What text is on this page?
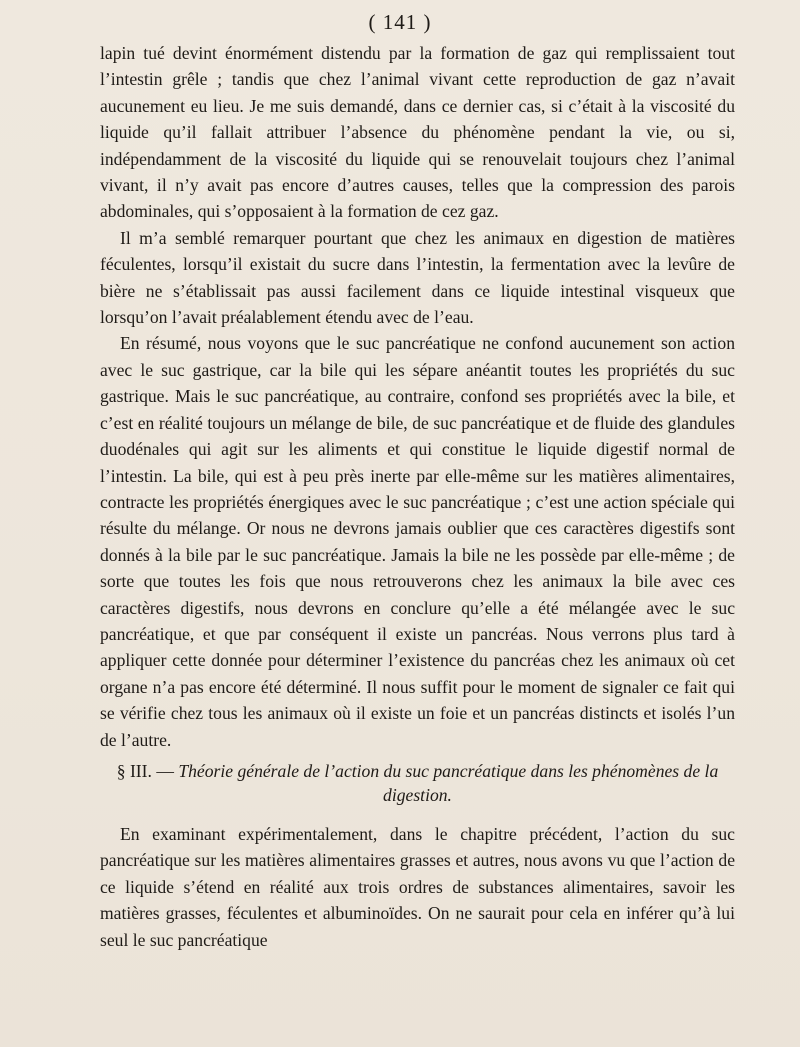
( 141 )

lapin tué devint énormément distendu par la formation de gaz qui remplissaient tout l’intestin grêle ; tandis que chez l’animal vivant cette reproduction de gaz n’avait aucunement eu lieu. Je me suis demandé, dans ce dernier cas, si c’était à la viscosité du liquide qu’il fallait attribuer l’absence du phénomène pendant la vie, ou si, indépendamment de la viscosité du liquide qui se renouvelait toujours chez l’animal vivant, il n’y avait pas encore d’autres causes, telles que la compression des parois abdominales, qui s’opposaient à la formation de cez gaz.

Il m’a semblé remarquer pourtant que chez les animaux en digestion de matières féculentes, lorsqu’il existait du sucre dans l’intestin, la fermentation avec la levûre de bière ne s’établissait pas aussi facilement dans ce liquide intestinal visqueux que lorsqu’on l’avait préalablement étendu avec de l’eau.

En résumé, nous voyons que le suc pancréatique ne confond aucunement son action avec le suc gastrique, car la bile qui les sépare anéantit toutes les propriétés du suc gastrique. Mais le suc pancréatique, au contraire, confond ses propriétés avec la bile, et c’est en réalité toujours un mélange de bile, de suc pancréatique et de fluide des glandules duodénales qui agit sur les aliments et qui constitue le liquide digestif normal de l’intestin. La bile, qui est à peu près inerte par elle-même sur les matières alimentaires, contracte les propriétés énergiques avec le suc pancréatique ; c’est une action spéciale qui résulte du mélange. Or nous ne devrons jamais oublier que ces caractères digestifs sont donnés à la bile par le suc pancréatique. Jamais la bile ne les possède par elle-même ; de sorte que toutes les fois que nous retrouverons chez les animaux la bile avec ces caractères digestifs, nous devrons en conclure qu’elle a été mélangée avec le suc pancréatique, et que par conséquent il existe un pancréas. Nous verrons plus tard à appliquer cette donnée pour déterminer l’existence du pancréas chez les animaux où cet organe n’a pas encore été déterminé. Il nous suffit pour le moment de signaler ce fait qui se vérifie chez tous les animaux où il existe un foie et un pancréas distincts et isolés l’un de l’autre.

§ III. — Théorie générale de l’action du suc pancréatique dans les phénomènes de la digestion.

En examinant expérimentalement, dans le chapitre précédent, l’action du suc pancréatique sur les matières alimentaires grasses et autres, nous avons vu que l’action de ce liquide s’étend en réalité aux trois ordres de substances alimentaires, savoir les matières grasses, féculentes et albuminoïdes. On ne saurait pour cela en inférer qu’à lui seul le suc pancréatique
